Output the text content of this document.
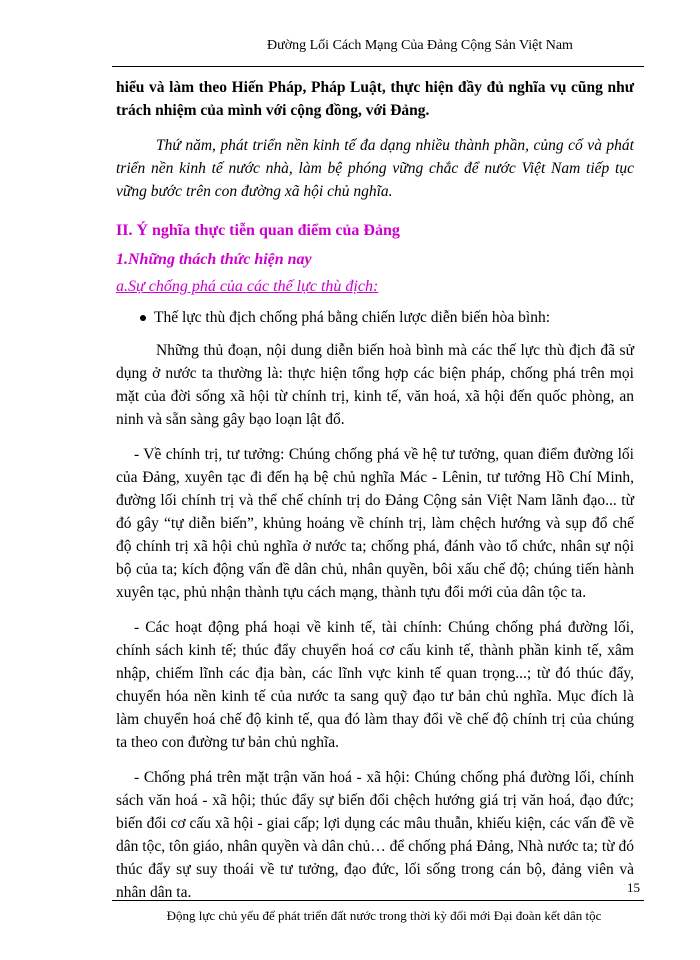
Đường Lối Cách Mạng Của Đảng Cộng Sản Việt Nam

hiểu và làm theo Hiến Pháp, Pháp Luật, thực hiện đầy đủ nghĩa vụ cũng như trách nhiệm của mình với cộng đồng, với Đảng.

Thứ năm, phát triển nền kinh tế đa dạng nhiều thành phần, củng cố và phát triển nền kinh tế nước nhà, làm bệ phóng vững chắc để nước Việt Nam tiếp tục vững bước trên con đường xã hội chủ nghĩa.

II. Ý nghĩa thực tiễn quan điểm của Đảng
1.Những thách thức hiện nay
a.Sự chống phá của các thế lực thù địch:
Thế lực thù địch chống phá bằng chiến lược diễn biến hòa bình:

Những thủ đoạn, nội dung diễn biến hoà bình mà các thế lực thù địch đã sử dụng ở nước ta thường là: thực hiện tổng hợp các biện pháp, chống phá trên mọi mặt của đời sống xã hội từ chính trị, kinh tế, văn hoá, xã hội đến quốc phòng, an ninh và sẵn sàng gây bạo loạn lật đổ.

- Về chính trị, tư tưởng: Chúng chống phá về hệ tư tưởng, quan điểm đường lối của Đảng, xuyên tạc đi đến hạ bệ chủ nghĩa Mác - Lênin, tư tưởng Hồ Chí Minh, đường lối chính trị và thể chế chính trị do Đảng Cộng sản Việt Nam lãnh đạo... từ đó gây “tự diễn biến”, khủng hoảng về chính trị, làm chệch hướng và sụp đổ chế độ chính trị xã hội chủ nghĩa ở nước ta; chống phá, đánh vào tổ chức, nhân sự nội bộ của ta; kích động vấn đề dân chủ, nhân quyền, bôi xấu chế độ; chúng tiến hành xuyên tạc, phủ nhận thành tựu cách mạng, thành tựu đổi mới của dân tộc ta.

- Các hoạt động phá hoại về kinh tế, tài chính: Chúng chống phá đường lối, chính sách kinh tế; thúc đẩy chuyển hoá cơ cấu kinh tế, thành phần kinh tế, xâm nhập, chiếm lĩnh các địa bàn, các lĩnh vực kinh tế quan trọng...; từ đó thúc đẩy, chuyển hóa nền kinh tế của nước ta sang quỹ đạo tư bản chủ nghĩa. Mục đích là làm chuyển hoá chế độ kinh tế, qua đó làm thay đổi về chế độ chính trị của chúng ta theo con đường tư bản chủ nghĩa.

- Chống phá trên mặt trận văn hoá - xã hội: Chúng chống phá đường lối, chính sách văn hoá - xã hội; thúc đẩy sự biến đổi chệch hướng giá trị văn hoá, đạo đức; biến đổi cơ cấu xã hội - giai cấp; lợi dụng các mâu thuẫn, khiếu kiện, các vấn đề về dân tộc, tôn giáo, nhân quyền và dân chủ… để chống phá Đảng, Nhà nước ta; từ đó thúc đẩy sự suy thoái về tư tưởng, đạo đức, lối sống trong cán bộ, đảng viên và nhân dân ta.	15
Động lực chủ yếu để phát triển đất nước trong thời kỳ đổi mới Đại đoàn kết dân tộc
